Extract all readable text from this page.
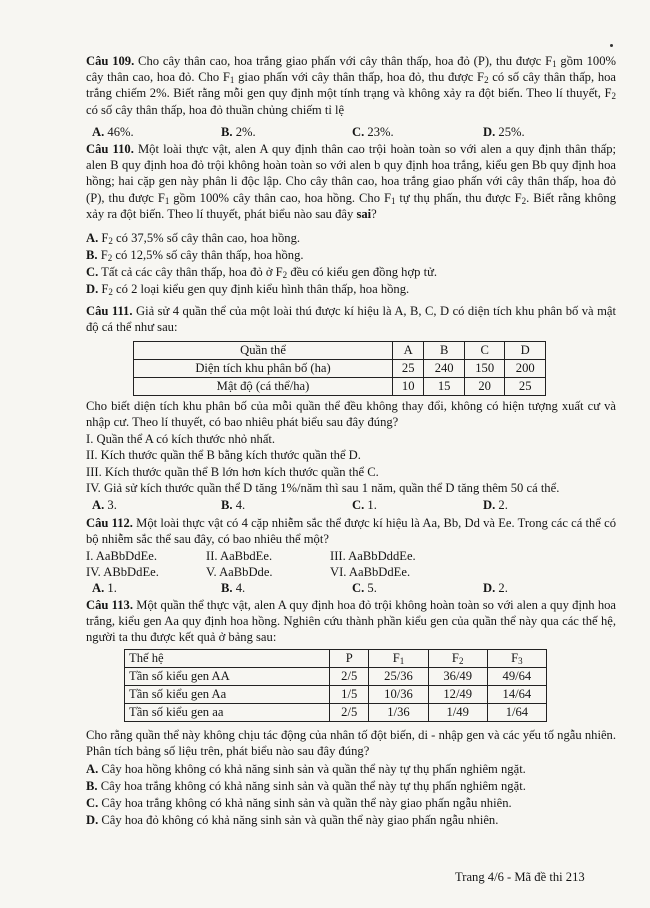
Câu 109. Cho cây thân cao, hoa trắng giao phấn với cây thân thấp, hoa đỏ (P), thu được $F_1$ gồm 100% cây thân cao, hoa đỏ. Cho $F_1$ giao phấn với cây thân thấp, hoa đỏ, thu được $F_2$ có số cây thân thấp, hoa trắng chiếm 2%. Biết rằng mỗi gen quy định một tính trạng và không xảy ra đột biến. Theo lí thuyết, $F_2$ có số cây thân thấp, hoa đỏ thuần chủng chiếm tỉ lệ

A. 46%.	B. 2%.	C. 23%.	D. 25%.

Câu 110. Một loài thực vật, alen A quy định thân cao trội hoàn toàn so với alen a quy định thân thấp; alen B quy định hoa đỏ trội không hoàn toàn so với alen b quy định hoa trắng, kiểu gen Bb quy định hoa hồng; hai cặp gen này phân li độc lập. Cho cây thân cao, hoa trắng giao phấn với cây thân thấp, hoa đỏ (P), thu được $F_1$ gồm 100% cây thân cao, hoa hồng. Cho $F_1$ tự thụ phấn, thu được $F_2$. Biết rằng không xảy ra đột biến. Theo lí thuyết, phát biểu nào sau đây sai?

A. $F_2$ có 37,5% số cây thân cao, hoa hồng.
B. $F_2$ có 12,5% số cây thân thấp, hoa hồng.
C. Tất cả các cây thân thấp, hoa đỏ ở $F_2$ đều có kiểu gen đồng hợp tử.
D. $F_2$ có 2 loại kiểu gen quy định kiểu hình thân thấp, hoa hồng.

Câu 111. Giả sử 4 quần thể của một loài thú được kí hiệu là A, B, C, D có diện tích khu phân bố và mật độ cá thể như sau:

Quần thể	A	B	C	D
Diện tích khu phân bố (ha)	25	240	150	200
Mật độ (cá thể/ha)	10	15	20	25

Cho biết diện tích khu phân bố của mỗi quần thể đều không thay đổi, không có hiện tượng xuất cư và nhập cư. Theo lí thuyết, có bao nhiêu phát biểu sau đây đúng?

I. Quần thể A có kích thước nhỏ nhất.
II. Kích thước quần thể B bằng kích thước quần thể D.
III. Kích thước quần thể B lớn hơn kích thước quần thể C.
IV. Giả sử kích thước quần thể D tăng 1%/năm thì sau 1 năm, quần thể D tăng thêm 50 cá thể.
A. 3.	B. 4.	C. 1.	D. 2.

Câu 112. Một loài thực vật có 4 cặp nhiễm sắc thể được kí hiệu là Aa, Bb, Dd và Ee. Trong các cá thể có bộ nhiễm sắc thể sau đây, có bao nhiêu thể một?

I. AaBbDdEe.	II. AaBbdEe.	III. AaBbDddEe.
IV. ABbDdEe.	V. AaBbDde.	VI. AaBbDdEe.
A. 1.	B. 4.	C. 5.	D. 2.

Câu 113. Một quần thể thực vật, alen A quy định hoa đỏ trội không hoàn toàn so với alen a quy định hoa trắng, kiểu gen Aa quy định hoa hồng. Nghiên cứu thành phần kiểu gen của quần thể này qua các thế hệ, người ta thu được kết quả ở bảng sau:

Thế hệ	P	$F_1$	$F_2$	$F_3$
Tần số kiểu gen AA	2/5	25/36	36/49	49/64
Tần số kiểu gen Aa	1/5	10/36	12/49	14/64
Tần số kiểu gen aa	2/5	1/36	1/49	1/64

Cho rằng quần thể này không chịu tác động của nhân tố đột biến, di - nhập gen và các yếu tố ngẫu nhiên. Phân tích bảng số liệu trên, phát biểu nào sau đây đúng?

A. Cây hoa hồng không có khả năng sinh sản và quần thể này tự thụ phấn nghiêm ngặt.
B. Cây hoa trắng không có khả năng sinh sản và quần thể này tự thụ phấn nghiêm ngặt.
C. Cây hoa trắng không có khả năng sinh sản và quần thể này giao phấn ngẫu nhiên.
D. Cây hoa đỏ không có khả năng sinh sản và quần thể này giao phấn ngẫu nhiên.
Trang 4/6 - Mã đề thi 213
